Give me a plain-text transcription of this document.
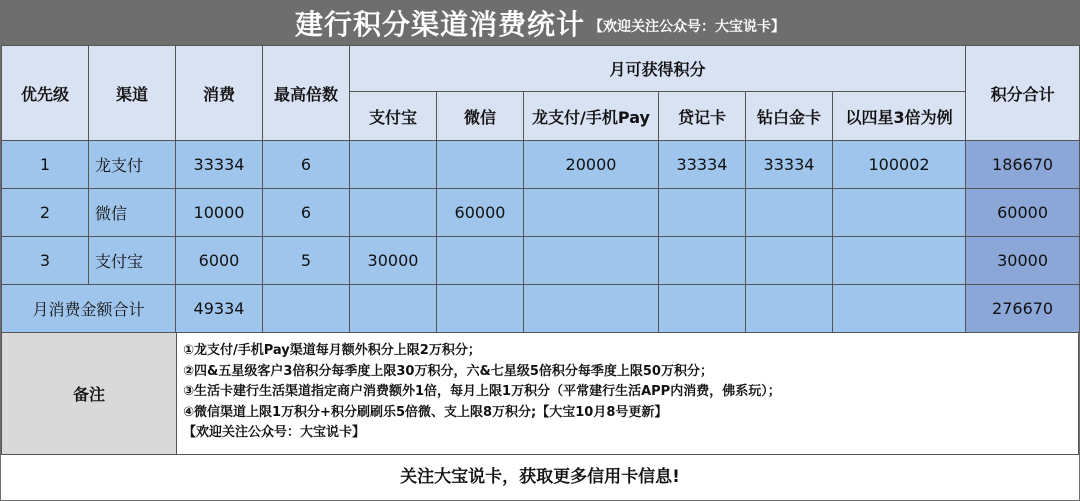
建行积分渠道消费统计 【欢迎关注公众号：大宝说卡】
优先级	渠道	消费	最高倍数	月可获得积分						积分合计
				支付宝	微信	龙支付/手机Pay	贷记卡	钻白金卡	以四星3倍为例	
1	龙支付	33334	6			20000	33334	33334	100002	186670
2	微信	10000	6		60000					60000
3	支付宝	6000	5	30000						30000
月消费金额合计		49334								276670
备注
①龙支付/手机Pay渠道每月额外积分上限2万积分；
②四&五星级客户3倍积分每季度上限30万积分，六&七星级5倍积分每季度上限50万积分；
③生活卡建行生活渠道指定商户消费额外1倍，每月上限1万积分（平常建行生活APP内消费，佛系玩）；
④微信渠道上限1万积分+积分刷刷乐5倍微、支上限8万积分;【大宝10月8号更新】
【欢迎关注公众号：大宝说卡】
关注大宝说卡，获取更多信用卡信息!
